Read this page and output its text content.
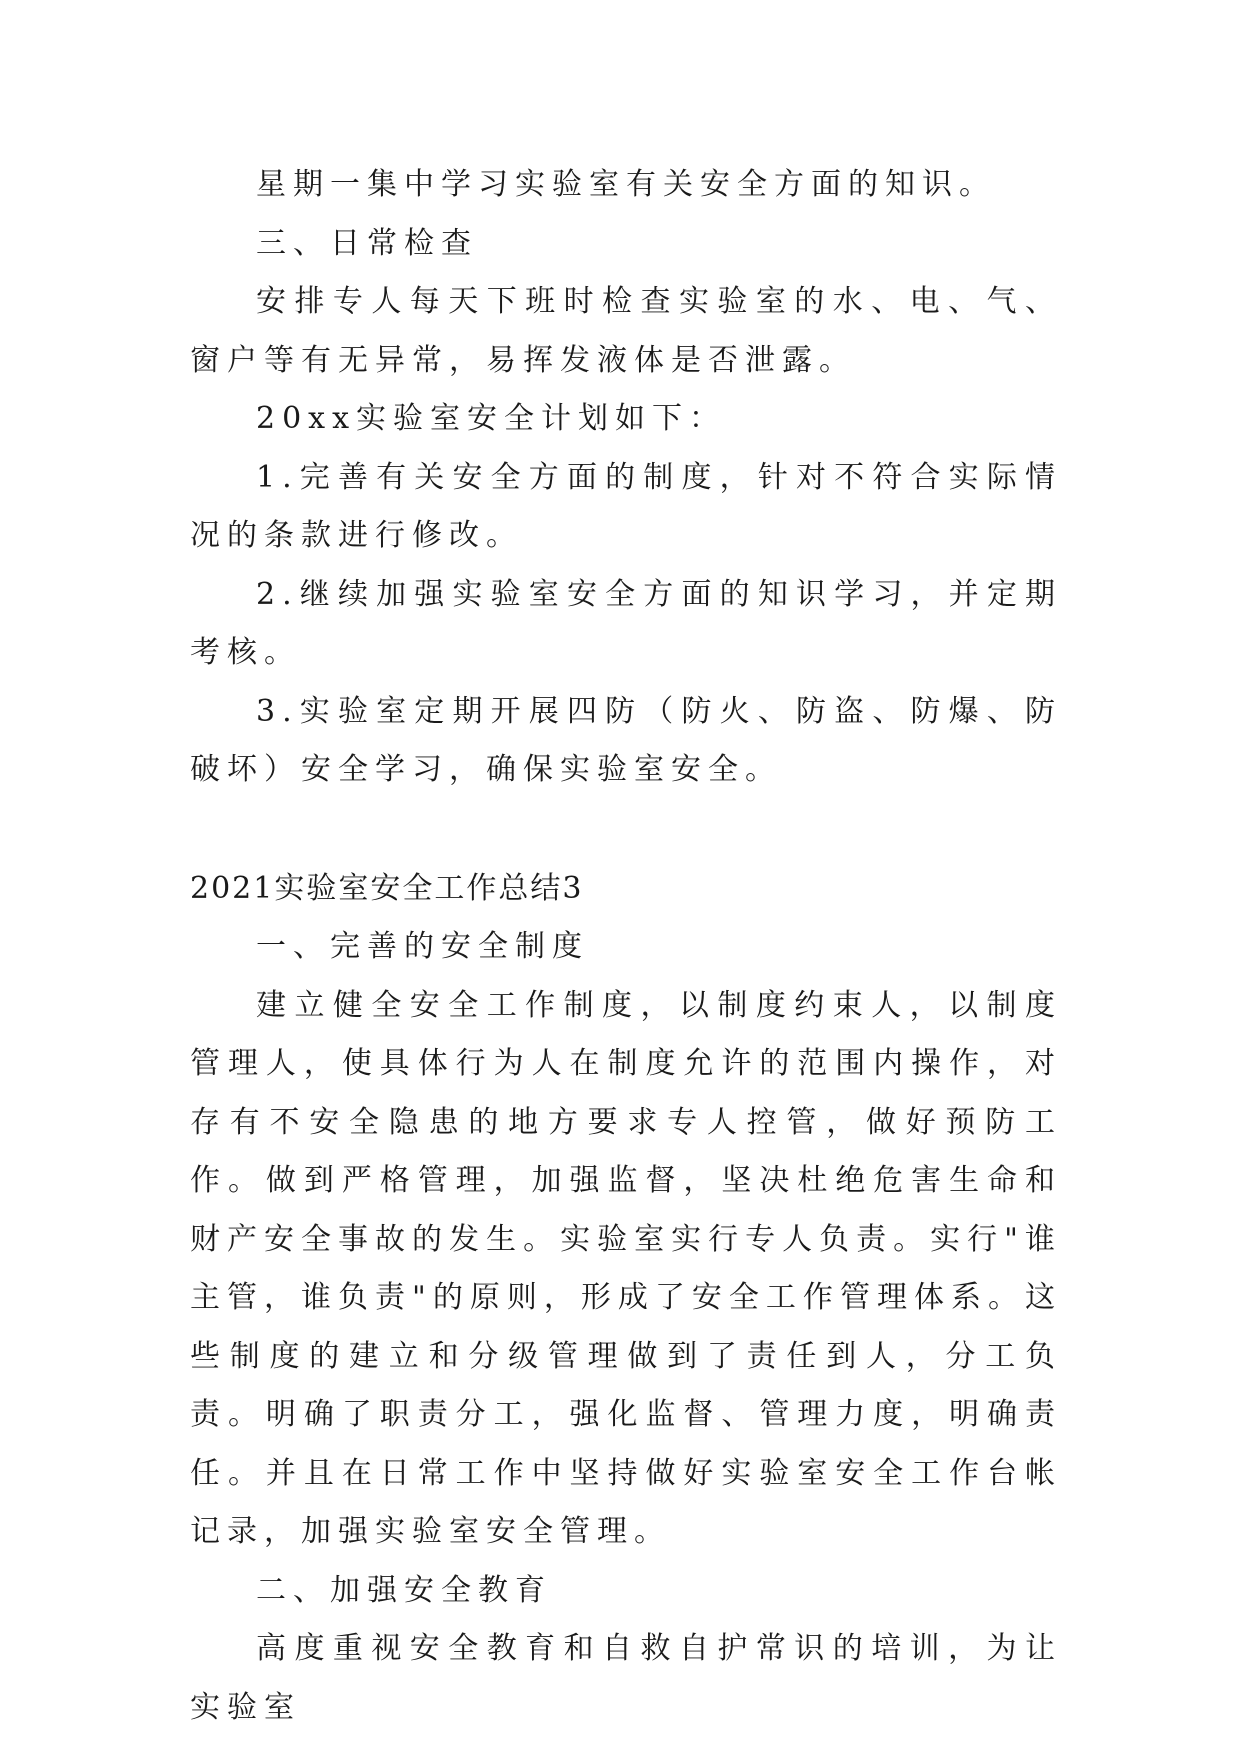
星期一集中学习实验室有关安全方面的知识。

三、日常检查

安排专人每天下班时检查实验室的水、电、气、窗户等有无异常，易挥发液体是否泄露。

20xx实验室安全计划如下：

1.完善有关安全方面的制度，针对不符合实际情况的条款进行修改。

2.继续加强实验室安全方面的知识学习，并定期考核。

3.实验室定期开展四防（防火、防盗、防爆、防破坏）安全学习，确保实验室安全。

2021实验室安全工作总结3

一、完善的安全制度

建立健全安全工作制度，以制度约束人，以制度管理人，使具体行为人在制度允许的范围内操作，对存有不安全隐患的地方要求专人控管，做好预防工作。做到严格管理，加强监督，坚决杜绝危害生命和财产安全事故的发生。实验室实行专人负责。实行"谁主管，谁负责"的原则，形成了安全工作管理体系。这些制度的建立和分级管理做到了责任到人，分工负责。明确了职责分工，强化监督、管理力度，明确责任。并且在日常工作中坚持做好实验室安全工作台帐记录，加强实验室安全管理。

二、加强安全教育

高度重视安全教育和自救自护常识的培训，为让实验室
